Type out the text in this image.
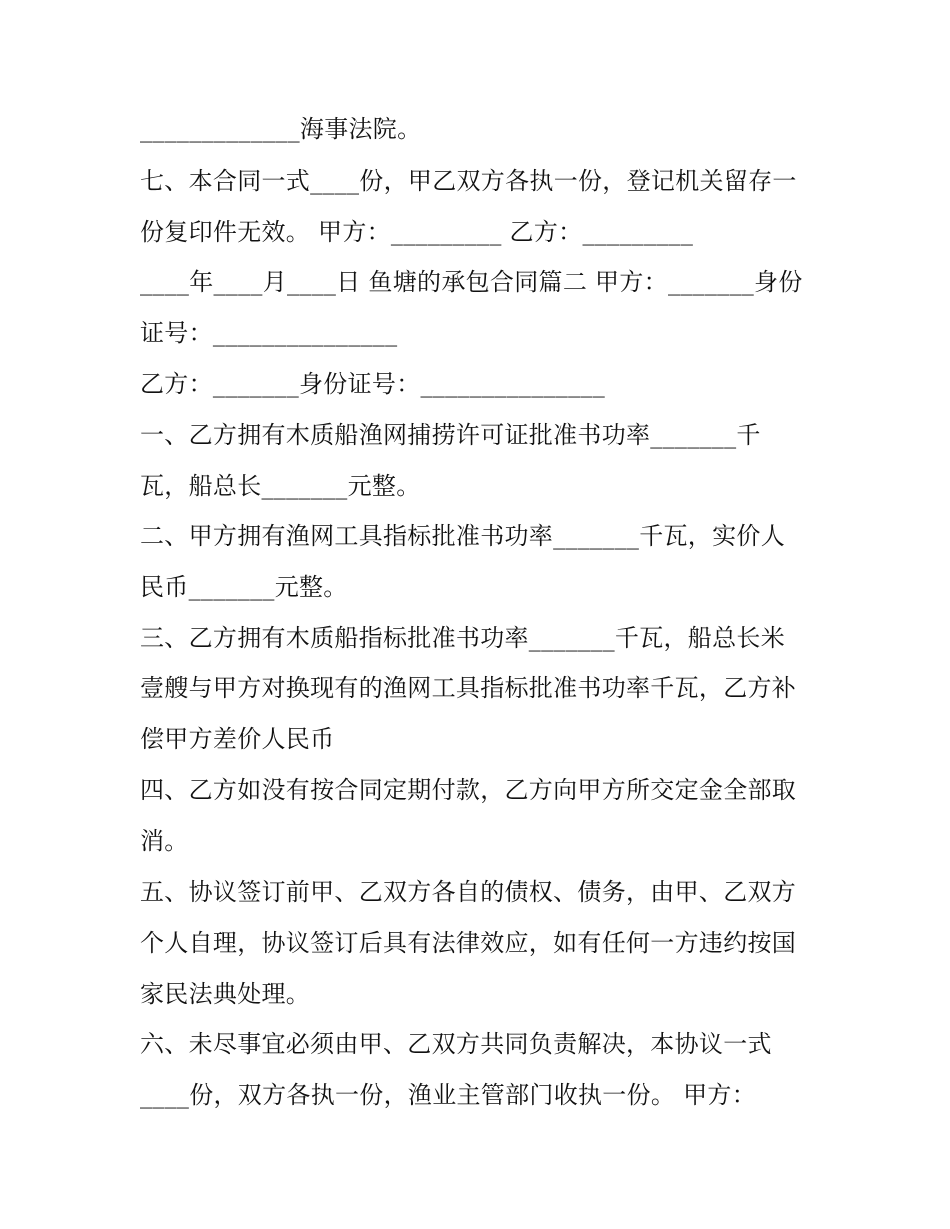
_____________海事法院。
七、本合同一式____份，甲乙双方各执一份，登记机关留存一
份复印件无效。 甲方：_________ 乙方：_________
____年____月____日 鱼塘的承包合同篇二 甲方：_______身份
证号：_______________
乙方：_______身份证号：_______________
一、乙方拥有木质船渔网捕捞许可证批准书功率_______千
瓦，船总长_______元整。
二、甲方拥有渔网工具指标批准书功率_______千瓦，实价人
民币_______元整。
三、乙方拥有木质船指标批准书功率_______千瓦，船总长米
壹艘与甲方对换现有的渔网工具指标批准书功率千瓦，乙方补
偿甲方差价人民币
四、乙方如没有按合同定期付款，乙方向甲方所交定金全部取
消。
五、协议签订前甲、乙双方各自的债权、债务，由甲、乙双方
个人自理，协议签订后具有法律效应，如有任何一方违约按国
家民法典处理。
六、未尽事宜必须由甲、乙双方共同负责解决，本协议一式
____份，双方各执一份，渔业主管部门收执一份。 甲方：
